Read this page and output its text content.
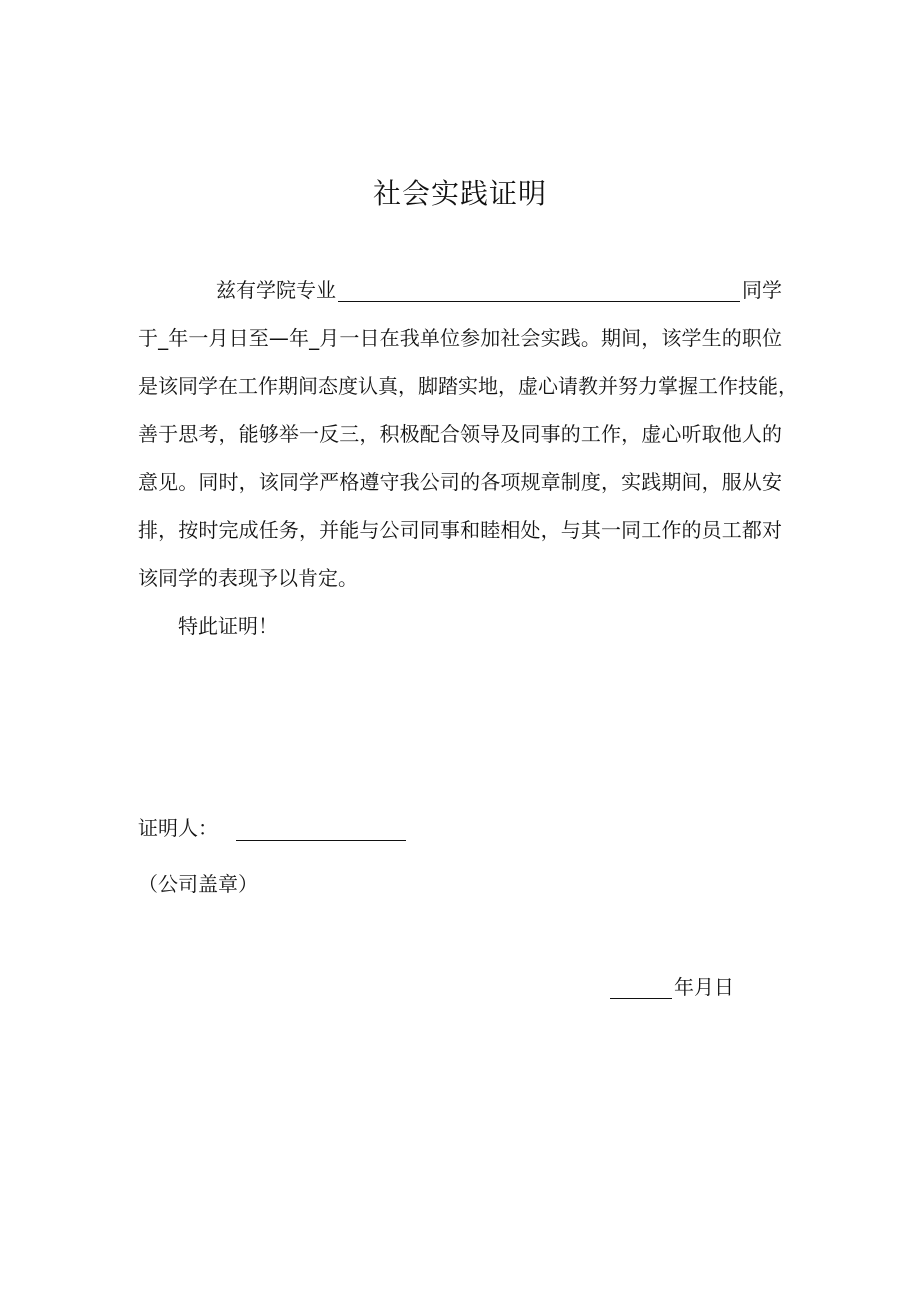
社会实践证明
兹有学院专业	同学
于_年一月日至—年_月一日在我单位参加社会实践。期间，该学生的职位
是该同学在工作期间态度认真，脚踏实地，虚心请教并努力掌握工作技能，
善于思考，能够举一反三，积极配合领导及同事的工作，虚心听取他人的
意见。同时，该同学严格遵守我公司的各项规章制度，实践期间，服从安
排，按时完成任务，并能与公司同事和睦相处，与其一同工作的员工都对
该同学的表现予以肯定。
特此证明！
证明人：
（公司盖章）
年月日
